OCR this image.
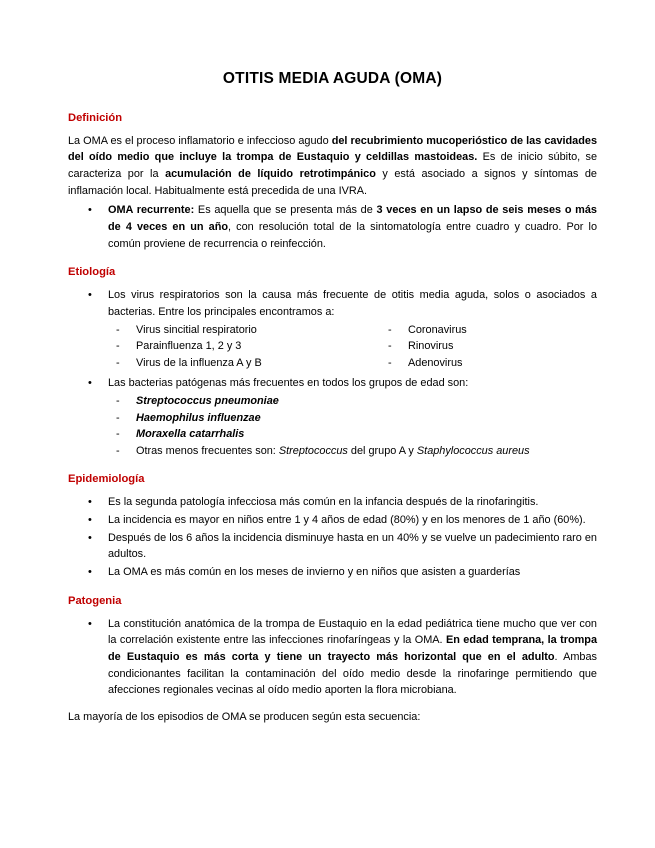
OTITIS MEDIA AGUDA (OMA)
Definición

La OMA es el proceso inflamatorio e infeccioso agudo del recubrimiento mucoperióstico de las cavidades del oído medio que incluye la trompa de Eustaquio y celdillas mastoideas. Es de inicio súbito, se caracteriza por la acumulación de líquido retrotimpánico y está asociado a signos y síntomas de inflamación local. Habitualmente está precedida de una IVRA.

• OMA recurrente: Es aquella que se presenta más de 3 veces en un lapso de seis meses o más de 4 veces en un año, con resolución total de la sintomatología entre cuadro y cuadro. Por lo común proviene de recurrencia o reinfección.
Etiología
• Los virus respiratorios son la causa más frecuente de otitis media aguda, solos o asociados a bacterias. Entre los principales encontramos a:
- Virus sincitial respiratorio
- Parainfluenza 1, 2 y 3
- Virus de la influenza A y B
- Coronavirus
- Rinovirus
- Adenovirus
• Las bacterias patógenas más frecuentes en todos los grupos de edad son:
- Streptococcus pneumoniae
- Haemophilus influenzae
- Moraxella catarrhalis
- Otras menos frecuentes son: Streptococcus del grupo A y Staphylococcus aureus
Epidemiología
• Es la segunda patología infecciosa más común en la infancia después de la rinofaringitis.
• La incidencia es mayor en niños entre 1 y 4 años de edad (80%) y en los menores de 1 año (60%).
• Después de los 6 años la incidencia disminuye hasta en un 40% y se vuelve un padecimiento raro en adultos.
• La OMA es más común en los meses de invierno y en niños que asisten a guarderías
Patogenia
• La constitución anatómica de la trompa de Eustaquio en la edad pediátrica tiene mucho que ver con la correlación existente entre las infecciones rinofaríngeas y la OMA. En edad temprana, la trompa de Eustaquio es más corta y tiene un trayecto más horizontal que en el adulto. Ambas condicionantes facilitan la contaminación del oído medio desde la rinofaringe permitiendo que afecciones regionales vecinas al oído medio aporten la flora microbiana.

La mayoría de los episodios de OMA se producen según esta secuencia:
